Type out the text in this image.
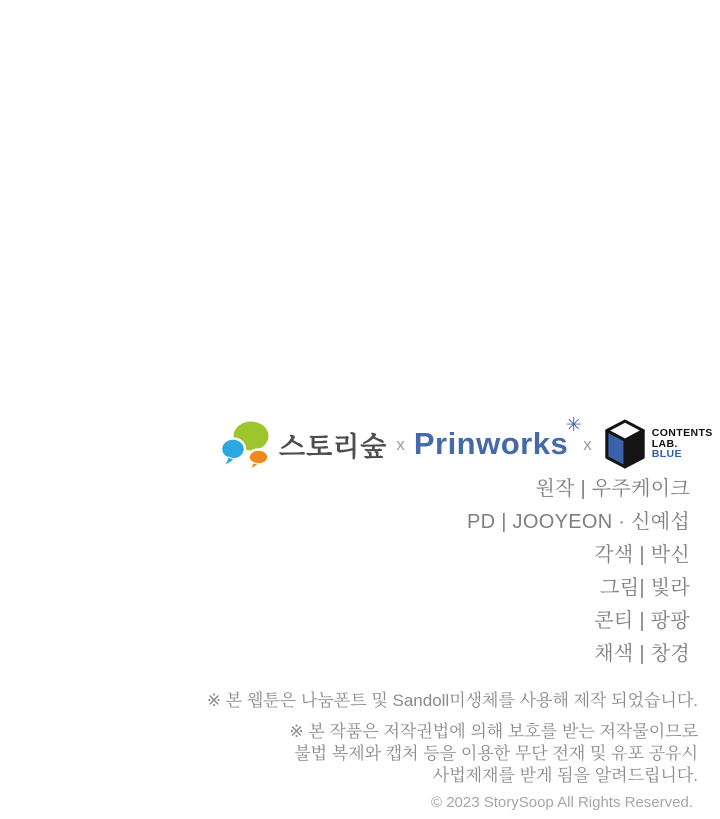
스토리숲 x Prinworks
✳
x
CONTENTS
LAB.
BLUE
원작 | 우주케이크
PD | JOOYEON · 신예섭
각색 | 박신
그림| 빛라
콘티 | 팡팡
채색 | 창경
※ 본 웹툰은 나눔폰트 및 Sandoll미생체를 사용해 제작 되었습니다.
※ 본 작품은 저작권법에 의해 보호를 받는 저작물이므로
불법 복제와 캡처 등을 이용한 무단 전재 및 유포 공유시
사법제재를 받게 됨을 알려드립니다.
© 2023 StorySoop All Rights Reserved.
